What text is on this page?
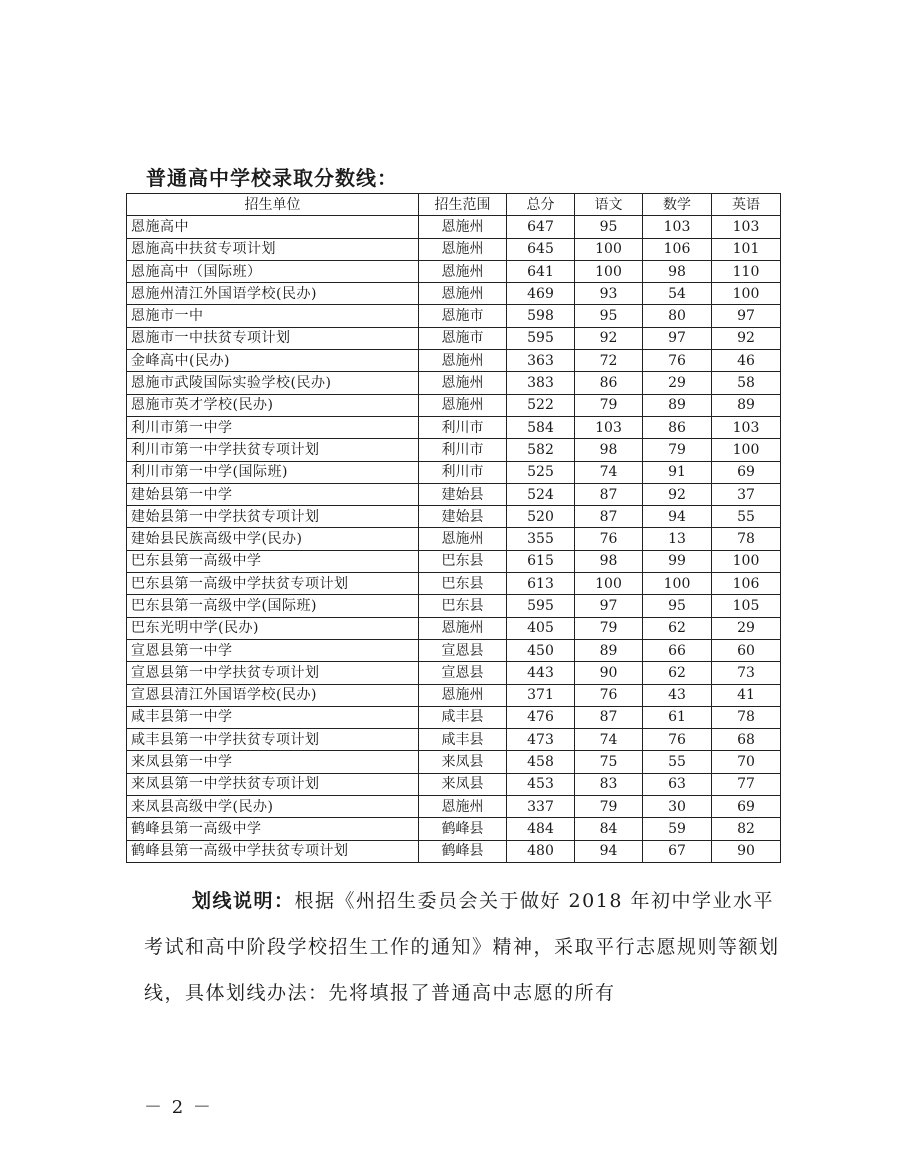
普通高中学校录取分数线：
招生单位	招生范围	总分	语文	数学	英语
恩施高中	恩施州	647	95	103	103
恩施高中扶贫专项计划	恩施州	645	100	106	101
恩施高中（国际班）	恩施州	641	100	98	110
恩施州清江外国语学校(民办)	恩施州	469	93	54	100
恩施市一中	恩施市	598	95	80	97
恩施市一中扶贫专项计划	恩施市	595	92	97	92
金峰高中(民办)	恩施州	363	72	76	46
恩施市武陵国际实验学校(民办)	恩施州	383	86	29	58
恩施市英才学校(民办)	恩施州	522	79	89	89
利川市第一中学	利川市	584	103	86	103
利川市第一中学扶贫专项计划	利川市	582	98	79	100
利川市第一中学(国际班)	利川市	525	74	91	69
建始县第一中学	建始县	524	87	92	37
建始县第一中学扶贫专项计划	建始县	520	87	94	55
建始县民族高级中学(民办)	恩施州	355	76	13	78
巴东县第一高级中学	巴东县	615	98	99	100
巴东县第一高级中学扶贫专项计划	巴东县	613	100	100	106
巴东县第一高级中学(国际班)	巴东县	595	97	95	105
巴东光明中学(民办)	恩施州	405	79	62	29
宣恩县第一中学	宣恩县	450	89	66	60
宣恩县第一中学扶贫专项计划	宣恩县	443	90	62	73
宣恩县清江外国语学校(民办)	恩施州	371	76	43	41
咸丰县第一中学	咸丰县	476	87	61	78
咸丰县第一中学扶贫专项计划	咸丰县	473	74	76	68
来凤县第一中学	来凤县	458	75	55	70
来凤县第一中学扶贫专项计划	来凤县	453	83	63	77
来凤县高级中学(民办)	恩施州	337	79	30	69
鹤峰县第一高级中学	鹤峰县	484	84	59	82
鹤峰县第一高级中学扶贫专项计划	鹤峰县	480	94	67	90
划线说明：根据《州招生委员会关于做好 2018 年初中学业水平考试和高中阶段学校招生工作的通知》精神，采取平行志愿规则等额划线，具体划线办法：先将填报了普通高中志愿的所有
－ 2 －
